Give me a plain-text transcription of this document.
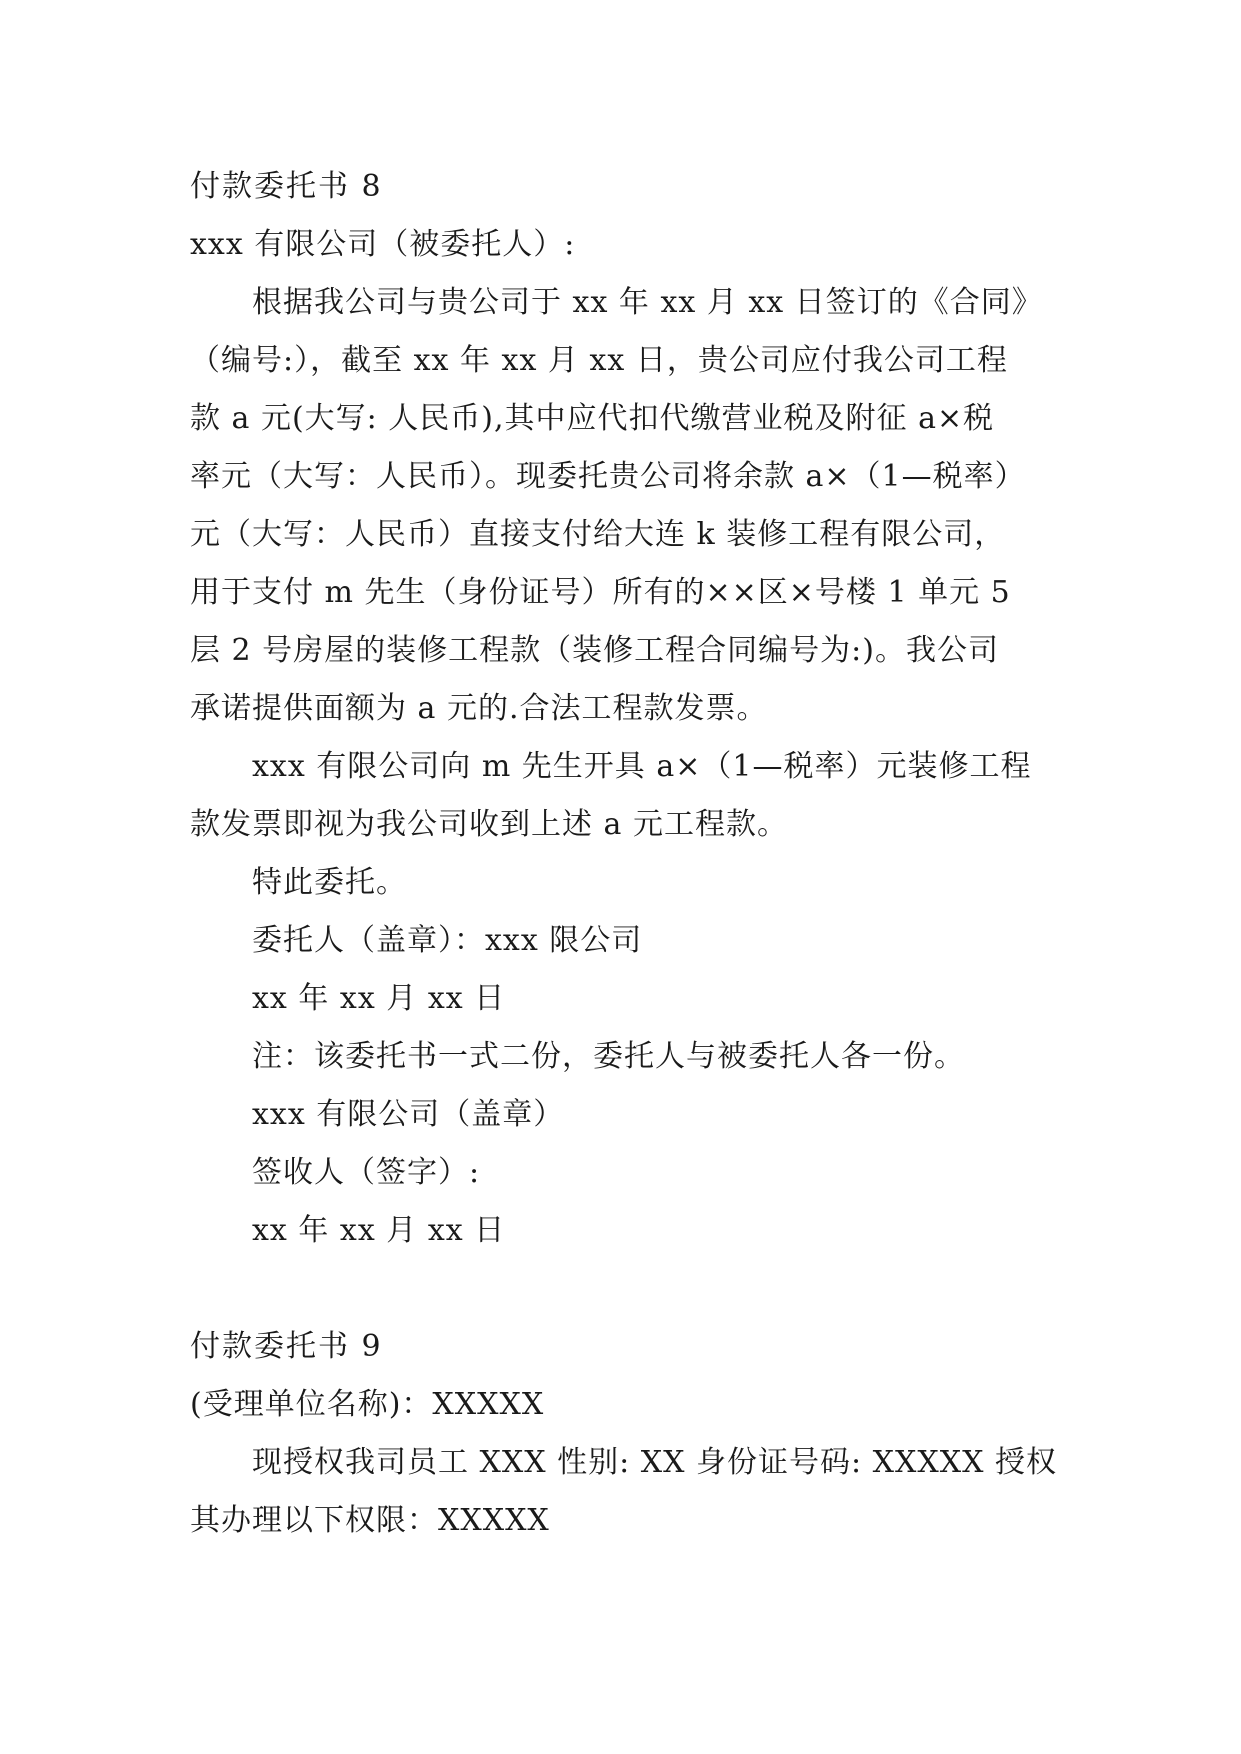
付款委托书 8
xxx 有限公司（被委托人）:
根据我公司与贵公司于 xx 年 xx 月 xx 日签订的《合同》
（编号:），截至 xx 年 xx 月 xx 日，贵公司应付我公司工程
款 a 元(大写: 人民币),其中应代扣代缴营业税及附征 a×税
率元（大写：人民币）。现委托贵公司将余款 a×（1—税率）
元（大写：人民币）直接支付给大连 k 装修工程有限公司，
用于支付 m 先生（身份证号）所有的××区×号楼 1 单元 5
层 2 号房屋的装修工程款（装修工程合同编号为:)。我公司
承诺提供面额为 a 元的.合法工程款发票。
xxx 有限公司向 m 先生开具 a×（1—税率）元装修工程
款发票即视为我公司收到上述 a 元工程款。
特此委托。
委托人（盖章）：xxx 限公司
xx 年 xx 月 xx 日
注：该委托书一式二份，委托人与被委托人各一份。
xxx 有限公司（盖章）
签收人（签字）:
xx 年 xx 月 xx 日
付款委托书 9
(受理单位名称)：XXXXX
现授权我司员工 XXX 性别: XX 身份证号码: XXXXX 授权
其办理以下权限：XXXXX
